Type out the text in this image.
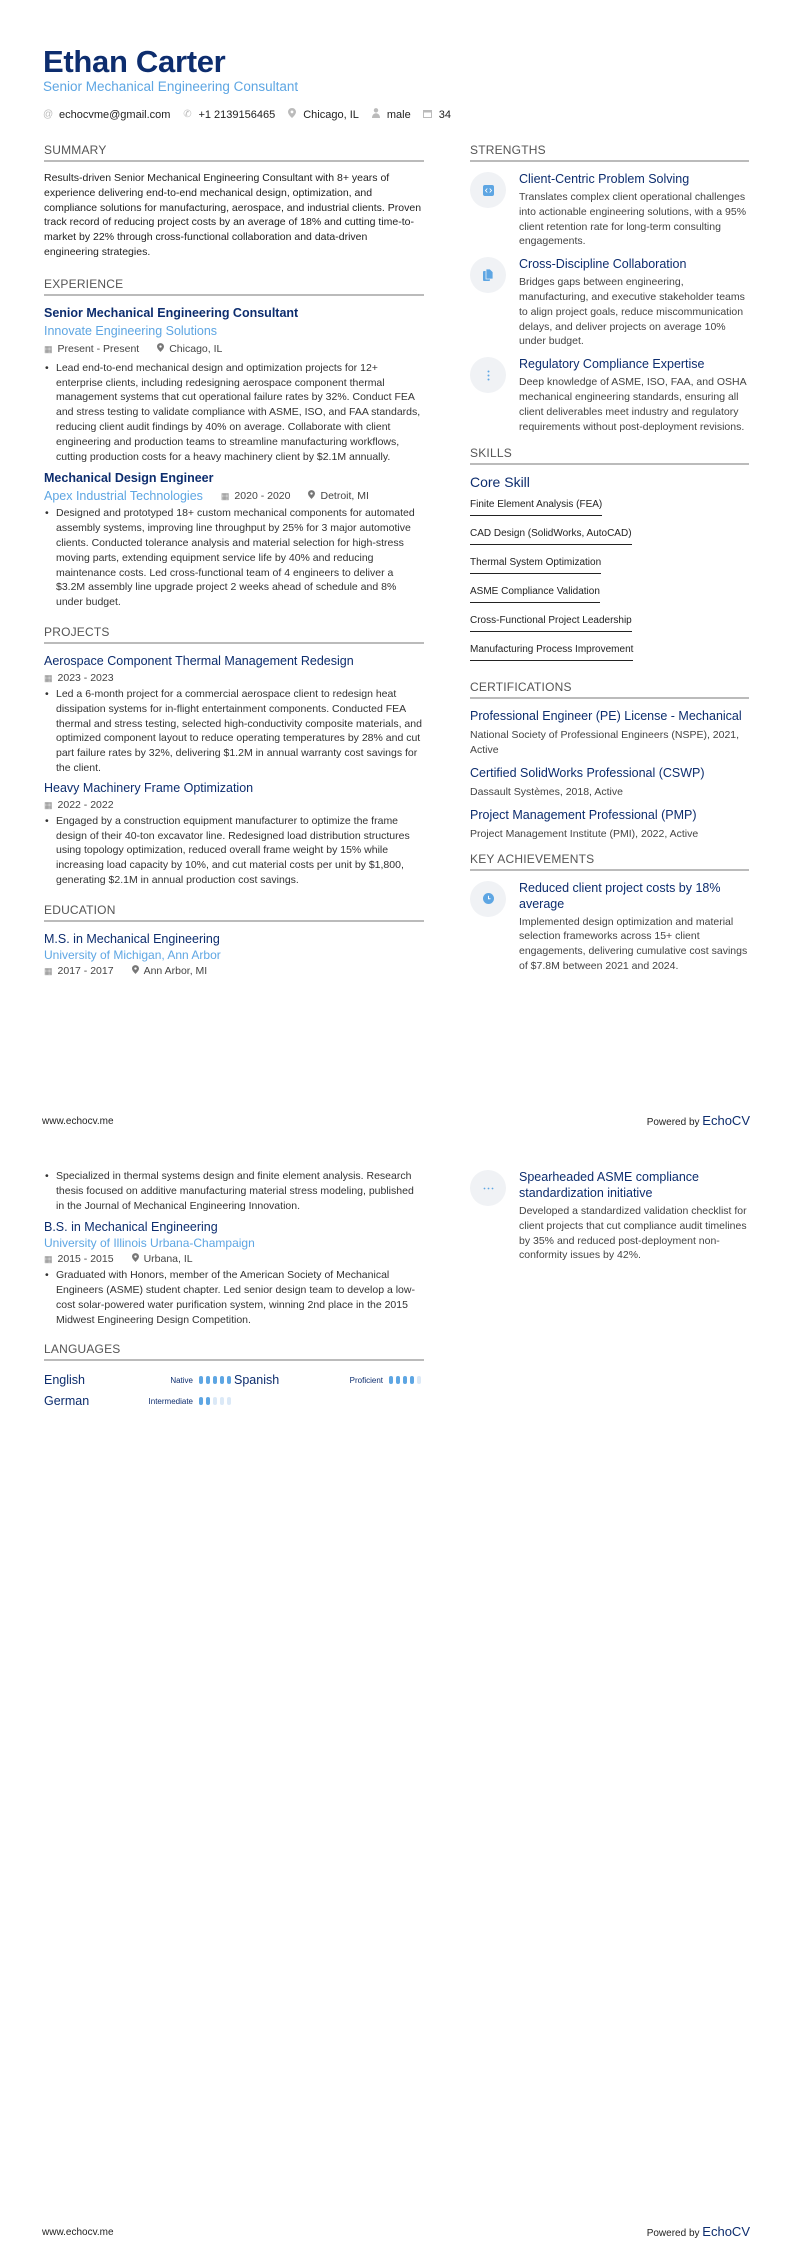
Ethan Carter
Senior Mechanical Engineering Consultant
@ echocvme@gmail.com ✆ +1 2139156465	Chicago, IL	male	34
SUMMARY
Results-driven Senior Mechanical Engineering Consultant with 8+ years of experience delivering end-to-end mechanical design, optimization, and compliance solutions for manufacturing, aerospace, and industrial clients. Proven track record of reducing project costs by an average of 18% and cutting time-to-market by 22% through cross-functional collaboration and data-driven engineering strategies.
EXPERIENCE
Senior Mechanical Engineering Consultant
Innovate Engineering Solutions
▦ Present - Present	Chicago, IL
• Lead end-to-end mechanical design and optimization projects for 12+ enterprise clients, including redesigning aerospace component thermal management systems that cut operational failure rates by 32%. Conduct FEA and stress testing to validate compliance with ASME, ISO, and FAA standards, reducing client audit findings by 40% on average. Collaborate with client engineering and production teams to streamline manufacturing workflows, cutting production costs for a heavy machinery client by $2.1M annually.
Mechanical Design Engineer
Apex Industrial Technologies ▦ 2020 - 2020	Detroit, MI
• Designed and prototyped 18+ custom mechanical components for automated assembly systems, improving line throughput by 25% for 3 major automotive clients. Conducted tolerance analysis and material selection for high-stress moving parts, extending equipment service life by 40% and reducing maintenance costs. Led cross-functional team of 4 engineers to deliver a $3.2M assembly line upgrade project 2 weeks ahead of schedule and 8% under budget.
PROJECTS
Aerospace Component Thermal Management Redesign
▦ 2023 - 2023
• Led a 6-month project for a commercial aerospace client to redesign heat dissipation systems for in-flight entertainment components. Conducted FEA thermal and stress testing, selected high-conductivity composite materials, and optimized component layout to reduce operating temperatures by 28% and cut part failure rates by 32%, delivering $1.2M in annual warranty cost savings for the client.
Heavy Machinery Frame Optimization
▦ 2022 - 2022
• Engaged by a construction equipment manufacturer to optimize the frame design of their 40-ton excavator line. Redesigned load distribution structures using topology optimization, reduced overall frame weight by 15% while increasing load capacity by 10%, and cut material costs per unit by $1,800, generating $2.1M in annual production cost savings.
EDUCATION
M.S. in Mechanical Engineering
University of Michigan, Ann Arbor
▦ 2017 - 2017	Ann Arbor, MI
STRENGTHS
Client-Centric Problem Solving
Translates complex client operational challenges into actionable engineering solutions, with a 95% client retention rate for long-term consulting engagements.
Cross-Discipline Collaboration
Bridges gaps between engineering, manufacturing, and executive stakeholder teams to align project goals, reduce miscommunication delays, and deliver projects on average 10% under budget.
Regulatory Compliance Expertise
Deep knowledge of ASME, ISO, FAA, and OSHA mechanical engineering standards, ensuring all client deliverables meet industry and regulatory requirements without post-deployment revisions.
SKILLS
Core Skill
Finite Element Analysis (FEA)
CAD Design (SolidWorks, AutoCAD)
Thermal System Optimization
ASME Compliance Validation
Cross-Functional Project Leadership
Manufacturing Process Improvement
CERTIFICATIONS
Professional Engineer (PE) License - Mechanical
National Society of Professional Engineers (NSPE), 2021, Active
Certified SolidWorks Professional (CSWP)
Dassault Systèmes, 2018, Active
Project Management Professional (PMP)
Project Management Institute (PMI), 2022, Active
KEY ACHIEVEMENTS
Reduced client project costs by 18% average
Implemented design optimization and material selection frameworks across 15+ client engagements, delivering cumulative cost savings of $7.8M between 2021 and 2024.
www.echocv.me	Powered by EchoCV
• Specialized in thermal systems design and finite element analysis. Research thesis focused on additive manufacturing material stress modeling, published in the Journal of Mechanical Engineering Innovation.
B.S. in Mechanical Engineering
University of Illinois Urbana-Champaign
▦ 2015 - 2015	Urbana, IL
• Graduated with Honors, member of the American Society of Mechanical Engineers (ASME) student chapter. Led senior design team to develop a low-cost solar-powered water purification system, winning 2nd place in the 2015 Midwest Engineering Design Competition.
LANGUAGES
English	Native	Spanish	Proficient
German	Intermediate
Spearheaded ASME compliance standardization initiative
Developed a standardized validation checklist for client projects that cut compliance audit timelines by 35% and reduced post-deployment non-conformity issues by 42%.
www.echocv.me	Powered by EchoCV
